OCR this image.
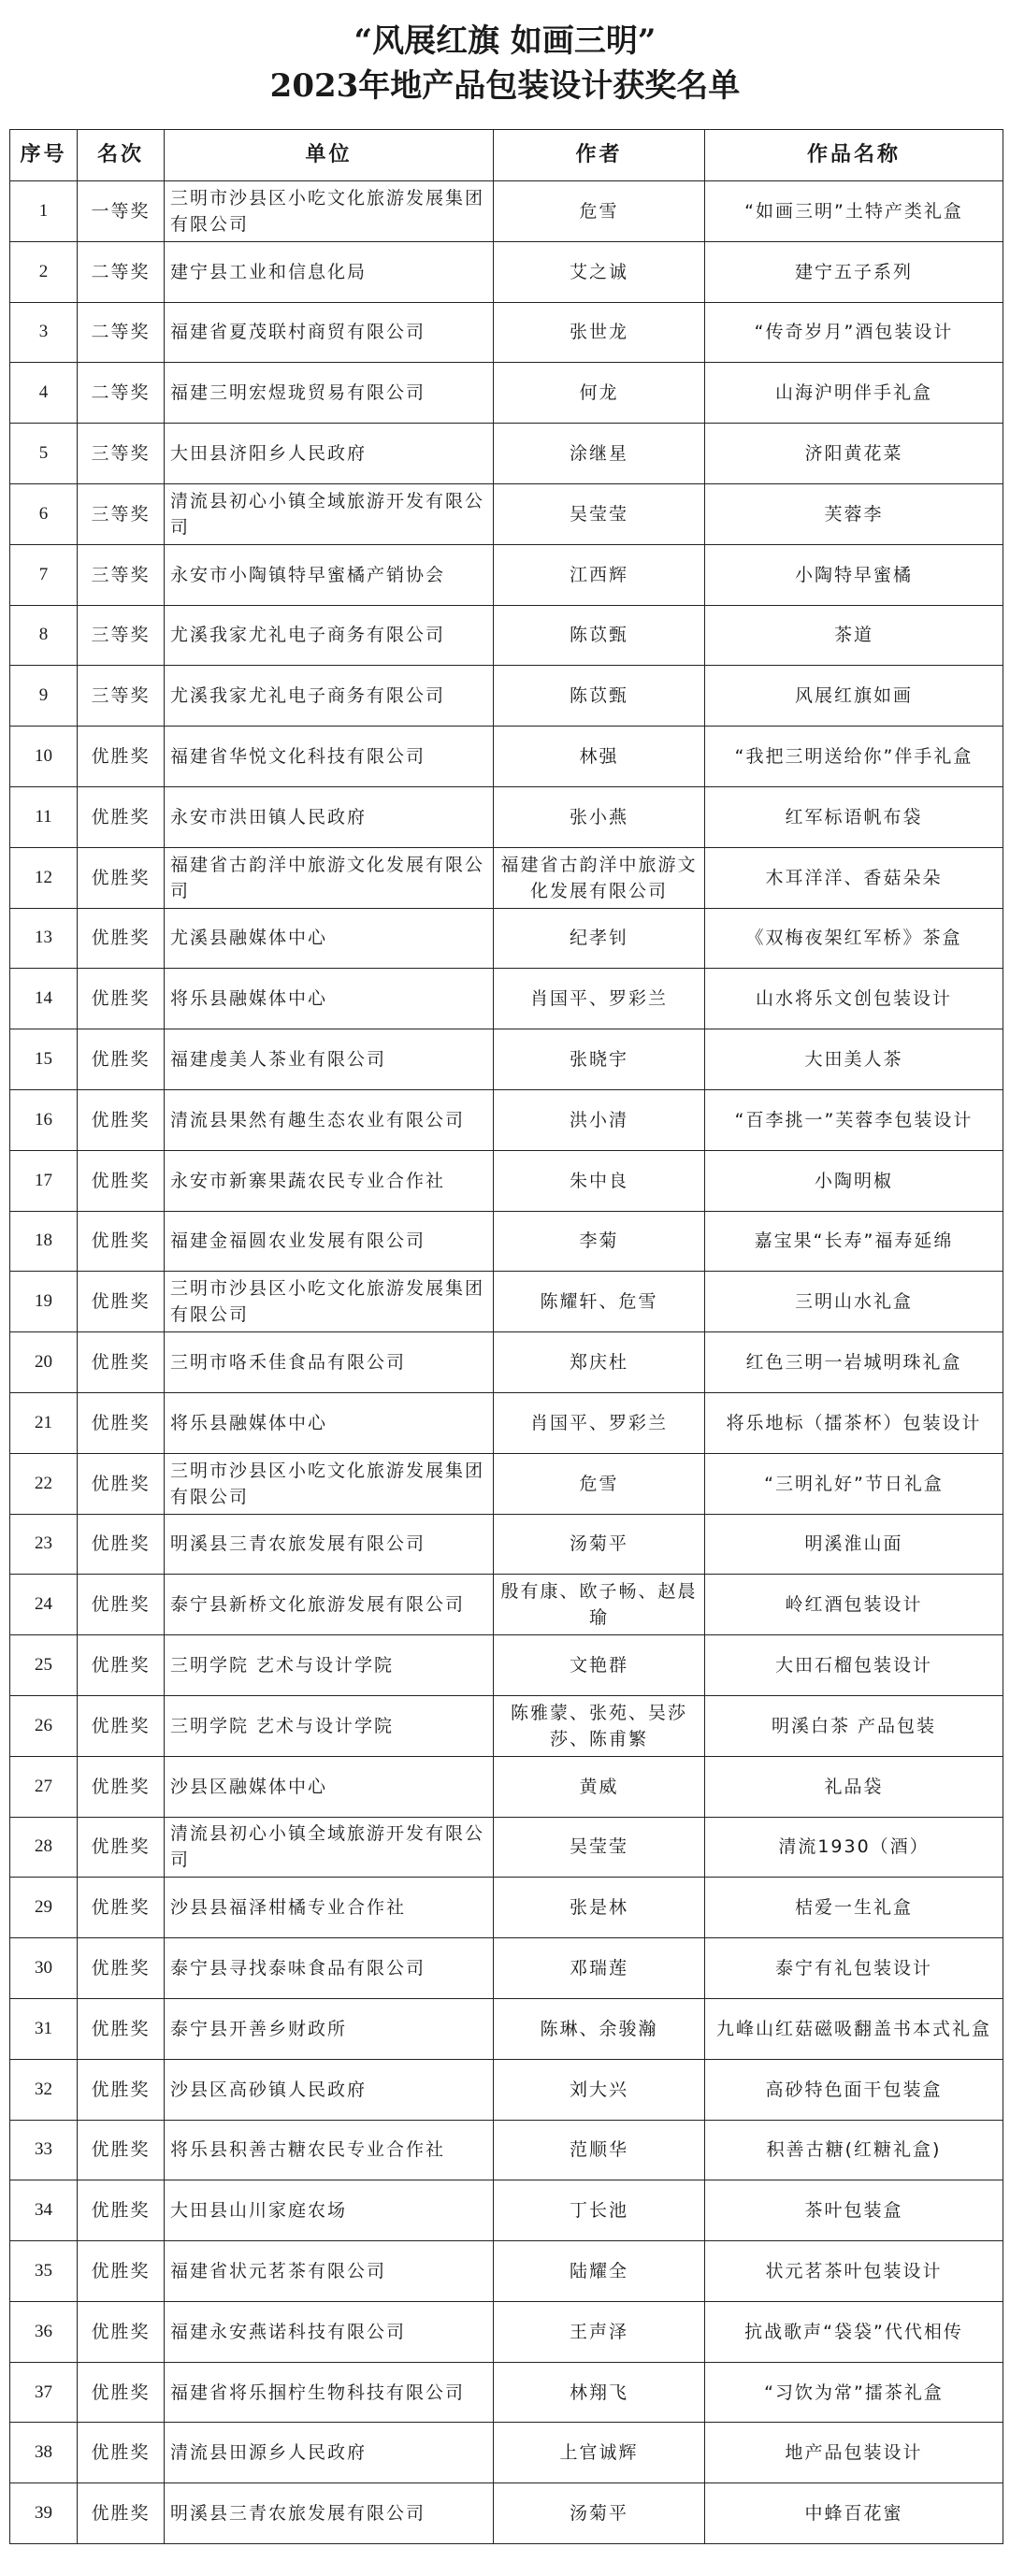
“风展红旗 如画三明”
2023年地产品包装设计获奖名单
序号	名次	单位	作者	作品名称
1	一等奖	三明市沙县区小吃文化旅游发展集团有限公司	危雪	“如画三明”土特产类礼盒
2	二等奖	建宁县工业和信息化局	艾之诚	建宁五子系列
3	二等奖	福建省夏茂联村商贸有限公司	张世龙	“传奇岁月”酒包装设计
4	二等奖	福建三明宏煜珑贸易有限公司	何龙	山海沪明伴手礼盒
5	三等奖	大田县济阳乡人民政府	涂继星	济阳黄花菜
6	三等奖	清流县初心小镇全域旅游开发有限公司	吴莹莹	芙蓉李
7	三等奖	永安市小陶镇特早蜜橘产销协会	江西辉	小陶特早蜜橘
8	三等奖	尤溪我家尤礼电子商务有限公司	陈苡甄	茶道
9	三等奖	尤溪我家尤礼电子商务有限公司	陈苡甄	风展红旗如画
10	优胜奖	福建省华悦文化科技有限公司	林强	“我把三明送给你”伴手礼盒
11	优胜奖	永安市洪田镇人民政府	张小燕	红军标语帆布袋
12	优胜奖	福建省古韵洋中旅游文化发展有限公司	福建省古韵洋中旅游文化发展有限公司	木耳洋洋、香菇朵朵
13	优胜奖	尤溪县融媒体中心	纪孝钊	《双梅夜架红军桥》茶盒
14	优胜奖	将乐县融媒体中心	肖国平、罗彩兰	山水将乐文创包装设计
15	优胜奖	福建虔美人茶业有限公司	张晓宇	大田美人茶
16	优胜奖	清流县果然有趣生态农业有限公司	洪小清	“百李挑一”芙蓉李包装设计
17	优胜奖	永安市新寨果蔬农民专业合作社	朱中良	小陶明椒
18	优胜奖	福建金福圆农业发展有限公司	李菊	嘉宝果“长寿”福寿延绵
19	优胜奖	三明市沙县区小吃文化旅游发展集团有限公司	陈耀轩、危雪	三明山水礼盒
20	优胜奖	三明市咯禾佳食品有限公司	郑庆杜	红色三明一岩城明珠礼盒
21	优胜奖	将乐县融媒体中心	肖国平、罗彩兰	将乐地标（擂茶杯）包装设计
22	优胜奖	三明市沙县区小吃文化旅游发展集团有限公司	危雪	“三明礼好”节日礼盒
23	优胜奖	明溪县三青农旅发展有限公司	汤菊平	明溪淮山面
24	优胜奖	泰宁县新桥文化旅游发展有限公司	殷有康、欧子畅、赵晨瑜	岭红酒包装设计
25	优胜奖	三明学院 艺术与设计学院	文艳群	大田石榴包装设计
26	优胜奖	三明学院 艺术与设计学院	陈雅蒙、张苑、吴莎莎、陈甫繁	明溪白茶 产品包装
27	优胜奖	沙县区融媒体中心	黄威	礼品袋
28	优胜奖	清流县初心小镇全域旅游开发有限公司	吴莹莹	清流1930（酒）
29	优胜奖	沙县县福泽柑橘专业合作社	张是林	桔爱一生礼盒
30	优胜奖	泰宁县寻找泰味食品有限公司	邓瑞莲	泰宁有礼包装设计
31	优胜奖	泰宁县开善乡财政所	陈琳、余骏瀚	九峰山红菇磁吸翻盖书本式礼盒
32	优胜奖	沙县区高砂镇人民政府	刘大兴	高砂特色面干包装盒
33	优胜奖	将乐县积善古糖农民专业合作社	范顺华	积善古糖(红糖礼盒)
34	优胜奖	大田县山川家庭农场	丁长池	茶叶包装盒
35	优胜奖	福建省状元茗茶有限公司	陆耀全	状元茗茶叶包装设计
36	优胜奖	福建永安燕诺科技有限公司	王声泽	抗战歌声“袋袋”代代相传
37	优胜奖	福建省将乐掴柠生物科技有限公司	林翔飞	“习饮为常”擂茶礼盒
38	优胜奖	清流县田源乡人民政府	上官诚辉	地产品包装设计
39	优胜奖	明溪县三青农旅发展有限公司	汤菊平	中蜂百花蜜
